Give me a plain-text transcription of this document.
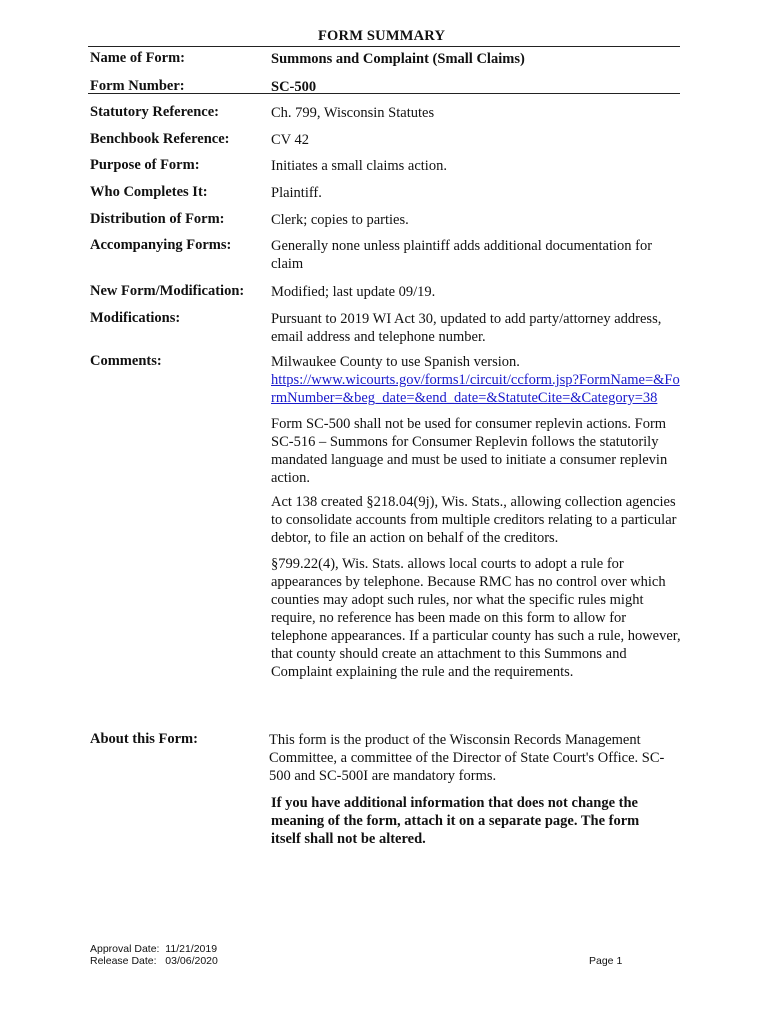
FORM SUMMARY
Name of Form:	Summons and Complaint (Small Claims)
Form Number:	SC-500
Statutory Reference:	Ch. 799, Wisconsin Statutes
Benchbook Reference:	CV 42
Purpose of Form:	Initiates a small claims action.
Who Completes It:	Plaintiff.
Distribution of Form:	Clerk; copies to parties.
Accompanying Forms:	Generally none unless plaintiff adds additional documentation for claim
New Form/Modification: Modified; last update 09/19.
Modifications:	Pursuant to 2019 WI Act 30, updated to add party/attorney address, email address and telephone number.
Comments:	Milwaukee County to use Spanish version.
https://www.wicourts.gov/forms1/circuit/ccform.jsp?FormName=&FormNumber=&beg_date=&end_date=&StatuteCite=&Category=38
Form SC-500 shall not be used for consumer replevin actions. Form SC-516 – Summons for Consumer Replevin follows the statutorily mandated language and must be used to initiate a consumer replevin action.
Act 138 created §218.04(9j), Wis. Stats., allowing collection agencies to consolidate accounts from multiple creditors relating to a particular debtor, to file an action on behalf of the creditors.
§799.22(4), Wis. Stats. allows local courts to adopt a rule for appearances by telephone. Because RMC has no control over which counties may adopt such rules, nor what the specific rules might require, no reference has been made on this form to allow for telephone appearances. If a particular county has such a rule, however, that county should create an attachment to this Summons and Complaint explaining the rule and the requirements.
About this Form:	This form is the product of the Wisconsin Records Management Committee, a committee of the Director of State Court's Office. SC-500 and SC-500I are mandatory forms.
If you have additional information that does not change the meaning of the form, attach it on a separate page. The form itself shall not be altered.
Approval Date:  11/21/2019
Release Date:   03/06/2020	Page 1
